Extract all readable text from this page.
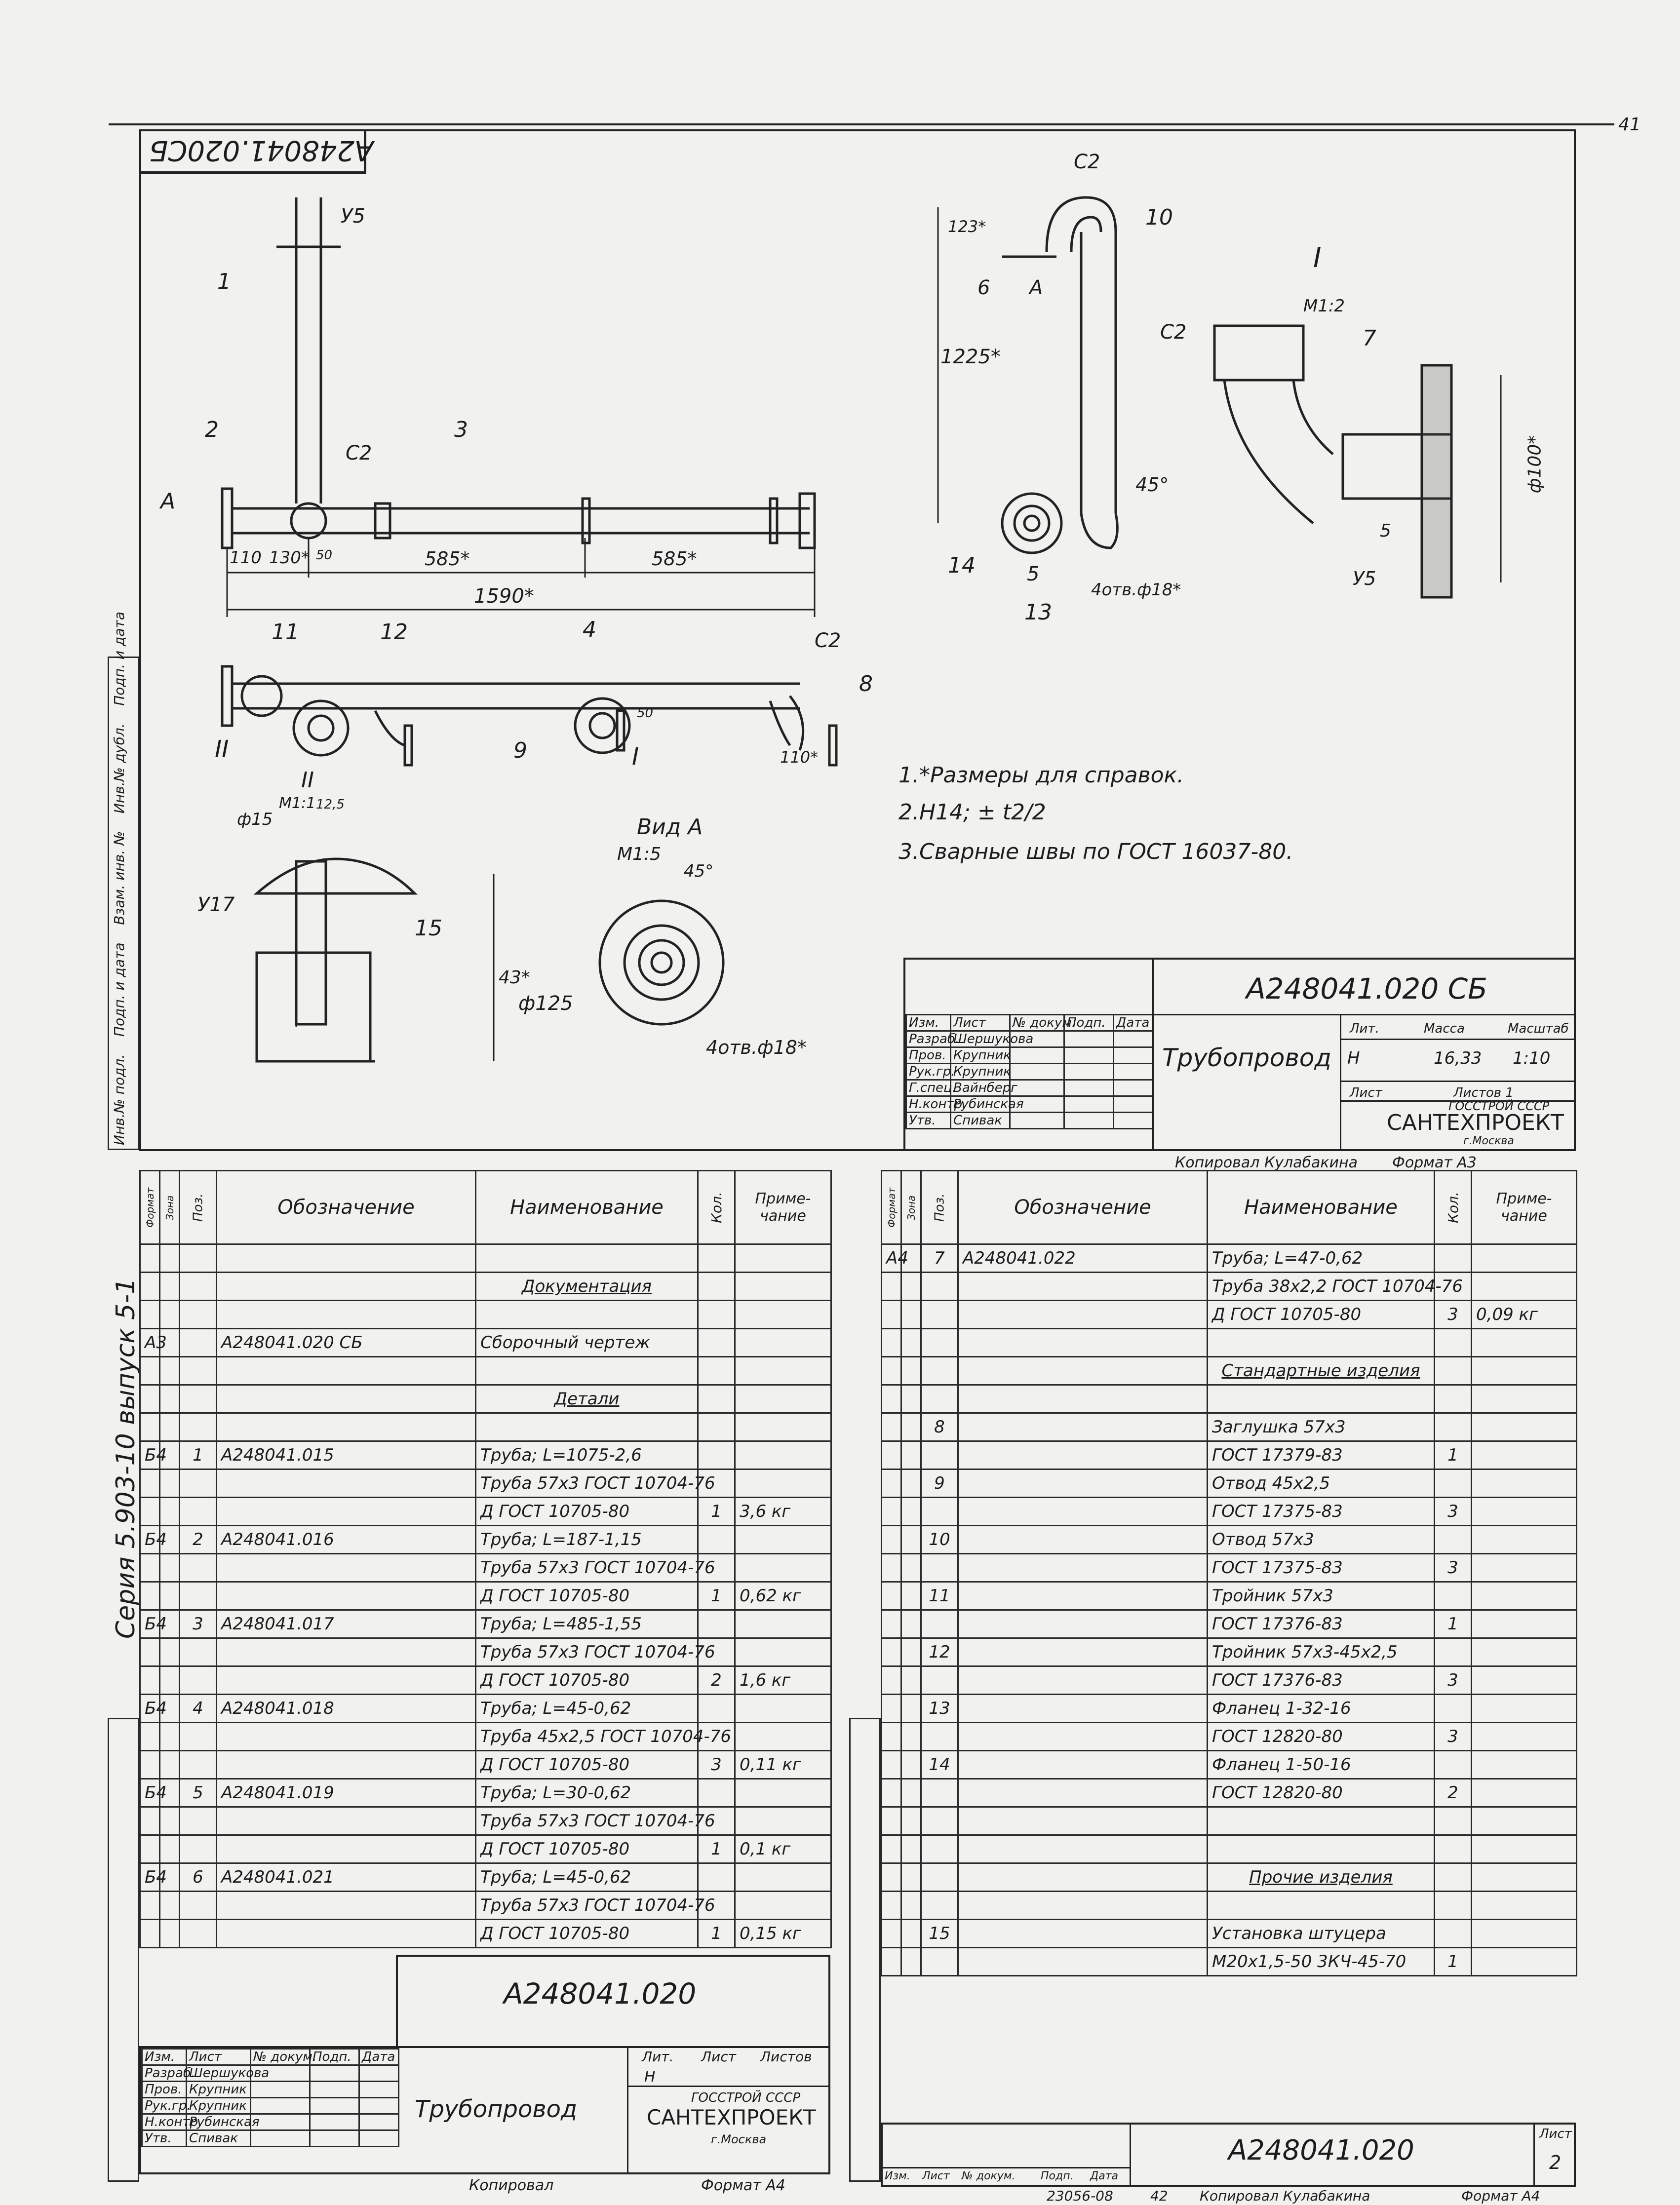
41
А248041.020СБ
Инв.№ подл.    Подп. и дата    Взам. инв. №    Инв.№ дубл.    Подп. и дата
1
2	3
У5
С2
А
110 130* 50	585*	585*
1590*
11	12	4	С2
8
9	I
II	110*
50
II
М1:1
ф15
12,5
У17
15
43*
Вид А
М1:5
45°
ф125
4отв.ф18*
С2
10
123*
6 А
1225*
45°
14	5
13
4отв.ф18*
I
М1:2
С2	7
ф100*
5
У5
1.*Размеры для справок.
2.H14; ± t2/2
3.Сварные швы по ГОСТ 16037-80.
Изм.	Лист	№ докум.	Подп.	Дата
Разраб.	Шершукова			
Пров.	Крупник			
Рук.гр.	Крупник			
Г.спец.	Вайнберг			
Н.контр.	Рубинская			
Утв.	Спивак			
А248041.020 СБ
Трубопровод
Лит.	Масса	Масштаб
Н	16,33 1:10
Лист	Листов 1
ГОССТРОЙ СССР
САНТЕХПРОЕКТ
г.Москва
Копировал Кулабакина Формат А3
Серия 5.903-10 выпуск 5-1
Формат	Зона	Поз.	Обозначение	Наименование	Кол.	Приме-чание

				Документация		

А3			А248041.020 СБ	Сборочный чертеж		

				Детали		

Б4		1	А248041.015	Труба; L=1075-2,6		
				Труба 57х3 ГОСТ 10704-76		
				Д ГОСТ 10705-80	1	3,6 кг
Б4		2	А248041.016	Труба; L=187-1,15		
				Труба 57х3 ГОСТ 10704-76		
				Д ГОСТ 10705-80	1	0,62 кг
Б4		3	А248041.017	Труба; L=485-1,55		
				Труба 57х3 ГОСТ 10704-76		
				Д ГОСТ 10705-80	2	1,6 кг
Б4		4	А248041.018	Труба; L=45-0,62		
				Труба 45х2,5 ГОСТ 10704-76		
				Д ГОСТ 10705-80	3	0,11 кг
Б4		5	А248041.019	Труба; L=30-0,62		
				Труба 57х3 ГОСТ 10704-76		
				Д ГОСТ 10705-80	1	0,1 кг
Б4		6	А248041.021	Труба; L=45-0,62		
				Труба 57х3 ГОСТ 10704-76		
				Д ГОСТ 10705-80	1	0,15 кг
Изм.	Лист	№ докум.	Подп.	Дата
Разраб.	Шершукова			
Пров.	Крупник			
Рук.гр.	Крупник			
Н.контр.	Рубинская			
Утв.	Спивак			
А248041.020
Трубопровод
Лит. Лист Листов
Н
ГОССТРОЙ СССР
САНТЕХПРОЕКТ
г.Москва
Копировал	Формат А4
Формат	Зона	Поз.	Обозначение	Наименование	Кол.	Приме-чание
А4		7	А248041.022	Труба; L=47-0,62		
				Труба 38х2,2 ГОСТ 10704-76		
				Д ГОСТ 10705-80	3	0,09 кг

				Стандартные изделия		

		8		Заглушка 57х3		
				ГОСТ 17379-83	1	
		9		Отвод 45х2,5		
				ГОСТ 17375-83	3	
		10		Отвод 57х3		
				ГОСТ 17375-83	3	
		11		Тройник 57х3		
				ГОСТ 17376-83	1	
		12		Тройник 57х3-45х2,5		
				ГОСТ 17376-83	3	
		13		Фланец 1-32-16		
				ГОСТ 12820-80	3	
		14		Фланец 1-50-16		
				ГОСТ 12820-80	2	

				Прочие изделия		

		15		Установка штуцера		
				М20х1,5-50 3КЧ-45-70	1	
А248041.020
Лист
2
Изм. Лист № докум. Подп. Дата
23056-08	42 Копировал Кулабакина	Формат А4
